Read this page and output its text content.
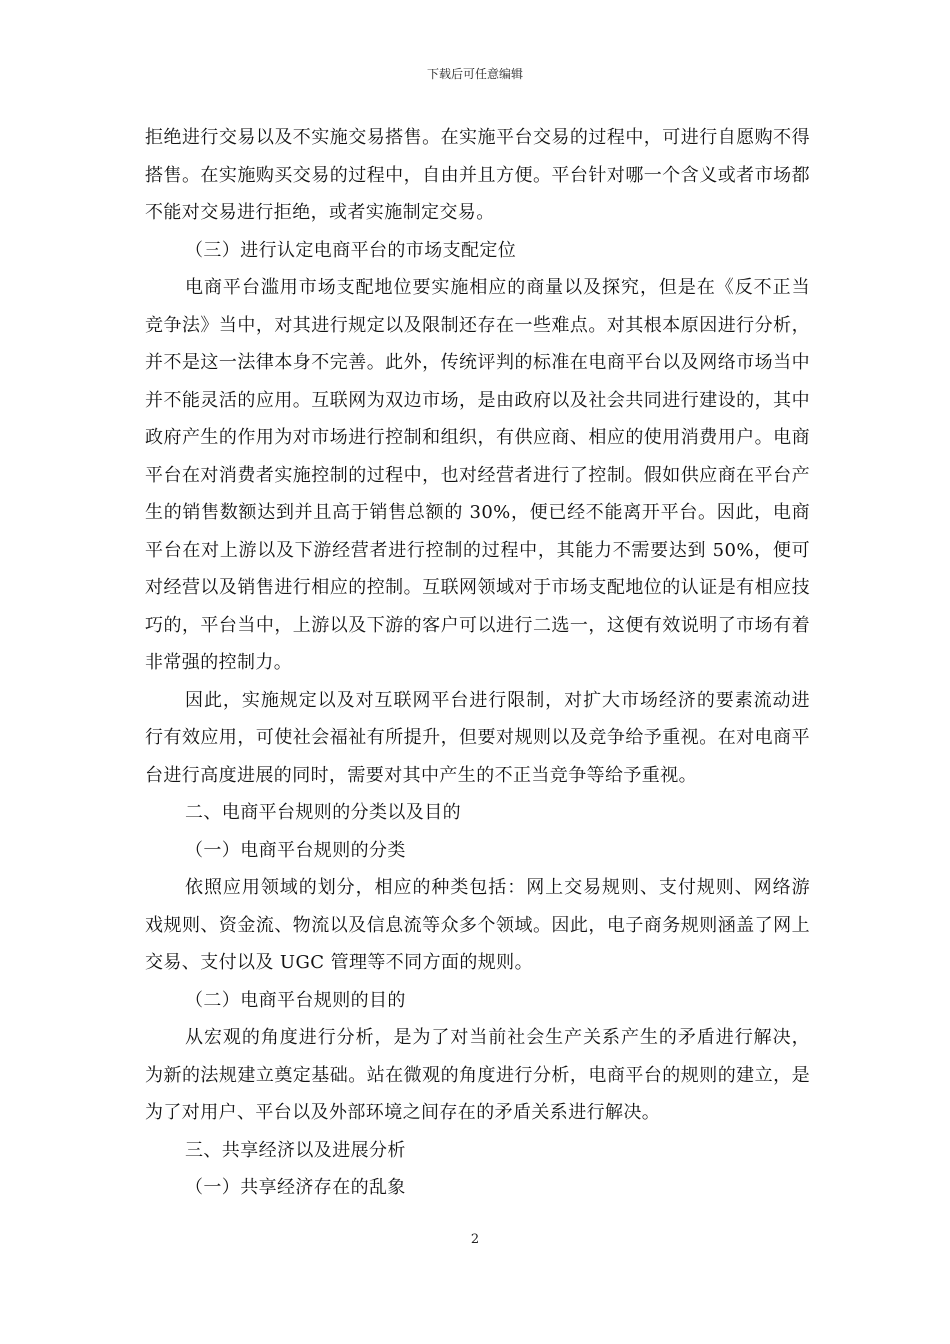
下载后可任意编辑

拒绝进行交易以及不实施交易搭售。在实施平台交易的过程中，可进行自愿购不得搭售。在实施购买交易的过程中，自由并且方便。平台针对哪一个含义或者市场都不能对交易进行拒绝，或者实施制定交易。

（三）进行认定电商平台的市场支配定位

电商平台滥用市场支配地位要实施相应的商量以及探究，但是在《反不正当竞争法》当中，对其进行规定以及限制还存在一些难点。对其根本原因进行分析，并不是这一法律本身不完善。此外，传统评判的标准在电商平台以及网络市场当中并不能灵活的应用。互联网为双边市场，是由政府以及社会共同进行建设的，其中政府产生的作用为对市场进行控制和组织，有供应商、相应的使用消费用户。电商平台在对消费者实施控制的过程中，也对经营者进行了控制。假如供应商在平台产生的销售数额达到并且高于销售总额的 30%，便已经不能离开平台。因此，电商平台在对上游以及下游经营者进行控制的过程中，其能力不需要达到 50%，便可对经营以及销售进行相应的控制。互联网领域对于市场支配地位的认证是有相应技巧的，平台当中，上游以及下游的客户可以进行二选一，这便有效说明了市场有着非常强的控制力。

因此，实施规定以及对互联网平台进行限制，对扩大市场经济的要素流动进行有效应用，可使社会福祉有所提升，但要对规则以及竞争给予重视。在对电商平台进行高度进展的同时，需要对其中产生的不正当竞争等给予重视。

二、电商平台规则的分类以及目的

（一）电商平台规则的分类

依照应用领域的划分，相应的种类包括：网上交易规则、支付规则、网络游戏规则、资金流、物流以及信息流等众多个领域。因此，电子商务规则涵盖了网上交易、支付以及 UGC 管理等不同方面的规则。

（二）电商平台规则的目的

从宏观的角度进行分析，是为了对当前社会生产关系产生的矛盾进行解决，为新的法规建立奠定基础。站在微观的角度进行分析，电商平台的规则的建立，是为了对用户、平台以及外部环境之间存在的矛盾关系进行解决。

三、共享经济以及进展分析

（一）共享经济存在的乱象

2
